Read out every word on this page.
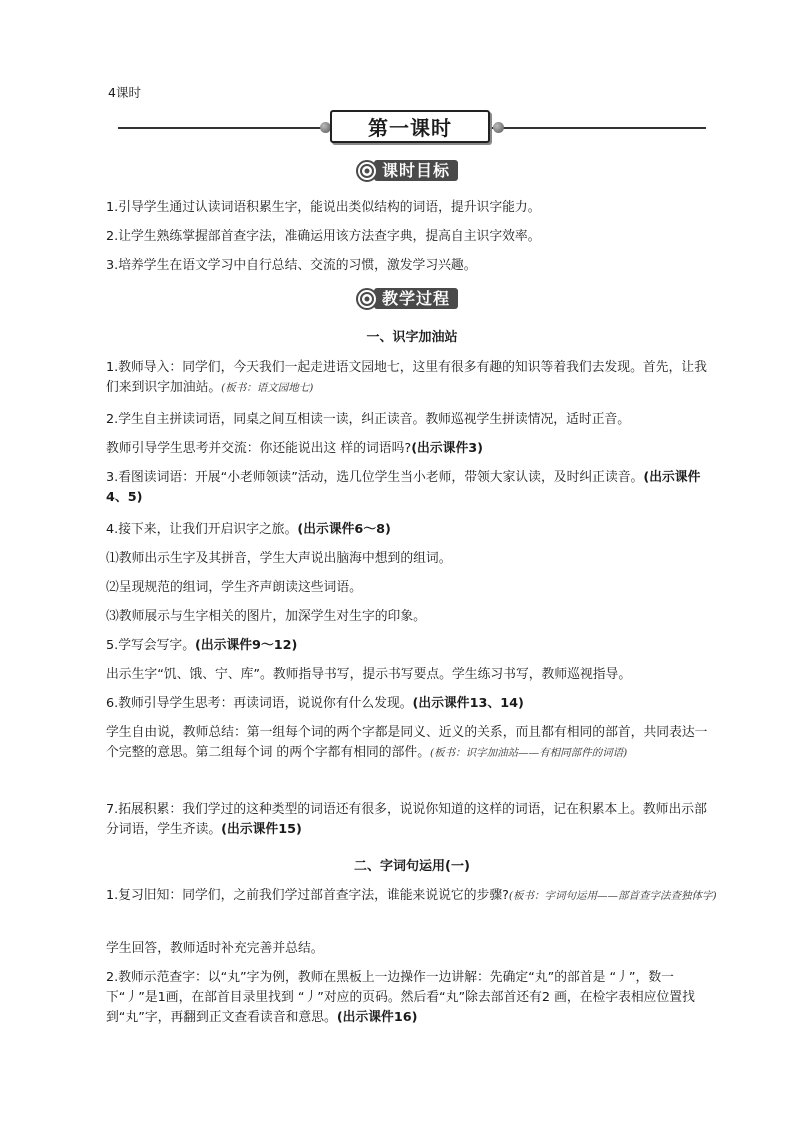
4课时
第一课时
课时目标
1.引导学生通过认读词语积累生字，能说出类似结构的词语，提升识字能力。
2.让学生熟练掌握部首查字法，准确运用该方法查字典，提高自主识字效率。
3.培养学生在语文学习中自行总结、交流的习惯，激发学习兴趣。
教学过程
一、识字加油站
1.教师导入：同学们，今天我们一起走进语文园地七，这里有很多有趣的知识等着我们去发现。首先，让我们来到识字加油站。(板书：语文园地七)
2.学生自主拼读词语，同桌之间互相读一读，纠正读音。教师巡视学生拼读情况，适时正音。
教师引导学生思考并交流：你还能说出这 样的词语吗?(出示课件3)
3.看图读词语：开展“小老师领读”活动，选几位学生当小老师，带领大家认读，及时纠正读音。(出示课件4、5)
4.接下来，让我们开启识字之旅。(出示课件6～8)
⑴教师出示生字及其拼音，学生大声说出脑海中想到的组词。
⑵呈现规范的组词，学生齐声朗读这些词语。
⑶教师展示与生字相关的图片，加深学生对生字的印象。
5.学写会写字。(出示课件9～12)
出示生字“饥、饿、宁、库”。教师指导书写，提示书写要点。学生练习书写，教师巡视指导。
6.教师引导学生思考：再读词语，说说你有什么发现。(出示课件13、14)
学生自由说，教师总结：第一组每个词的两个字都是同义、近义的关系，而且都有相同的部首，共同表达一个完整的意思。第二组每个词 的两个字都有相同的部件。(板书：识字加油站——有相同部件的词语)
7.拓展积累：我们学过的这种类型的词语还有很多，说说你知道的这样的词语，记在积累本上。教师出示部分词语，学生齐读。(出示课件15)
二、字词句运用(一)
1.复习旧知：同学们，之前我们学过部首查字法，谁能来说说它的步骤?(板书：字词句运用——部首查字法查独体字)
学生回答，教师适时补充完善并总结。
2.教师示范查字：以“丸”字为例，教师在黑板上一边操作一边讲解：先确定“丸”的部首是 “丿”，数一下“丿”是1画，在部首目录里找到 “丿”对应的页码。然后看“丸”除去部首还有2 画，在检字表相应位置找到“丸”字，再翻到正文查看读音和意思。(出示课件16)
